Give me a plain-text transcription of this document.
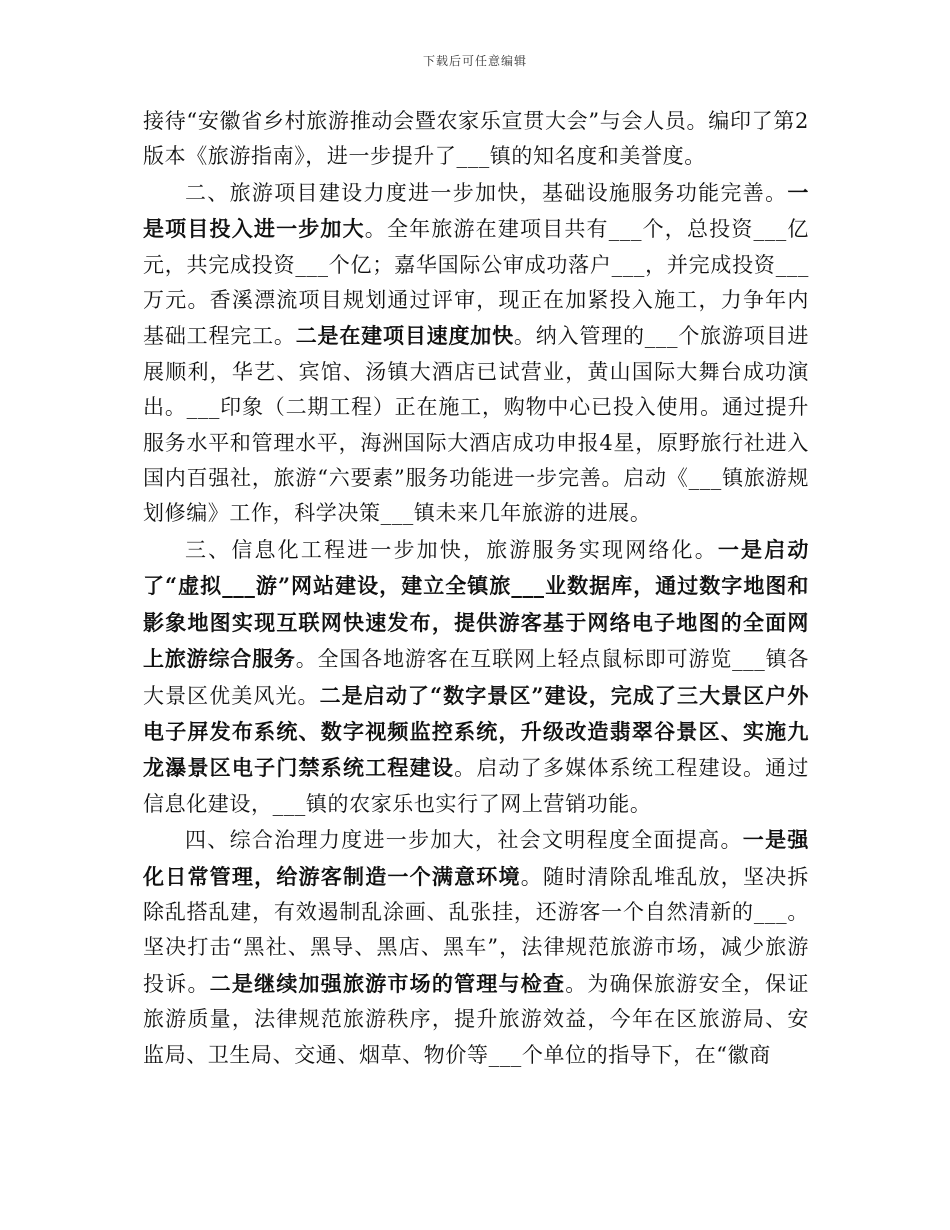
下载后可任意编辑

接待“安徽省乡村旅游推动会暨农家乐宣贯大会”与会人员。编印了第2版本《旅游指南》，进一步提升了___镇的知名度和美誉度。

二、旅游项目建设力度进一步加快，基础设施服务功能完善。一是项目投入进一步加大。全年旅游在建项目共有___个，总投资___亿元，共完成投资___个亿；嘉华国际公审成功落户___，并完成投资___万元。香溪漂流项目规划通过评审，现正在加紧投入施工，力争年内基础工程完工。二是在建项目速度加快。纳入管理的___个旅游项目进展顺利，华艺、宾馆、汤镇大酒店已试营业，黄山国际大舞台成功演出。___印象（二期工程）正在施工，购物中心已投入使用。通过提升服务水平和管理水平，海洲国际大酒店成功申报4星，原野旅行社进入国内百强社，旅游“六要素”服务功能进一步完善。启动《___镇旅游规划修编》工作，科学决策___镇未来几年旅游的进展。

三、信息化工程进一步加快，旅游服务实现网络化。一是启动了“虚拟___游”网站建设，建立全镇旅___业数据库，通过数字地图和影象地图实现互联网快速发布，提供游客基于网络电子地图的全面网上旅游综合服务。全国各地游客在互联网上轻点鼠标即可游览___镇各大景区优美风光。二是启动了“数字景区”建设，完成了三大景区户外电子屏发布系统、数字视频监控系统，升级改造翡翠谷景区、实施九龙瀑景区电子门禁系统工程建设。启动了多媒体系统工程建设。通过信息化建设，___镇的农家乐也实行了网上营销功能。

四、综合治理力度进一步加大，社会文明程度全面提高。一是强化日常管理，给游客制造一个满意环境。随时清除乱堆乱放，坚决拆除乱搭乱建，有效遏制乱涂画、乱张挂，还游客一个自然清新的___。坚决打击“黑社、黑导、黑店、黑车”，法律规范旅游市场，减少旅游投诉。二是继续加强旅游市场的管理与检查。为确保旅游安全，保证旅游质量，法律规范旅游秩序，提升旅游效益，今年在区旅游局、安监局、卫生局、交通、烟草、物价等___个单位的指导下，在“徽商
